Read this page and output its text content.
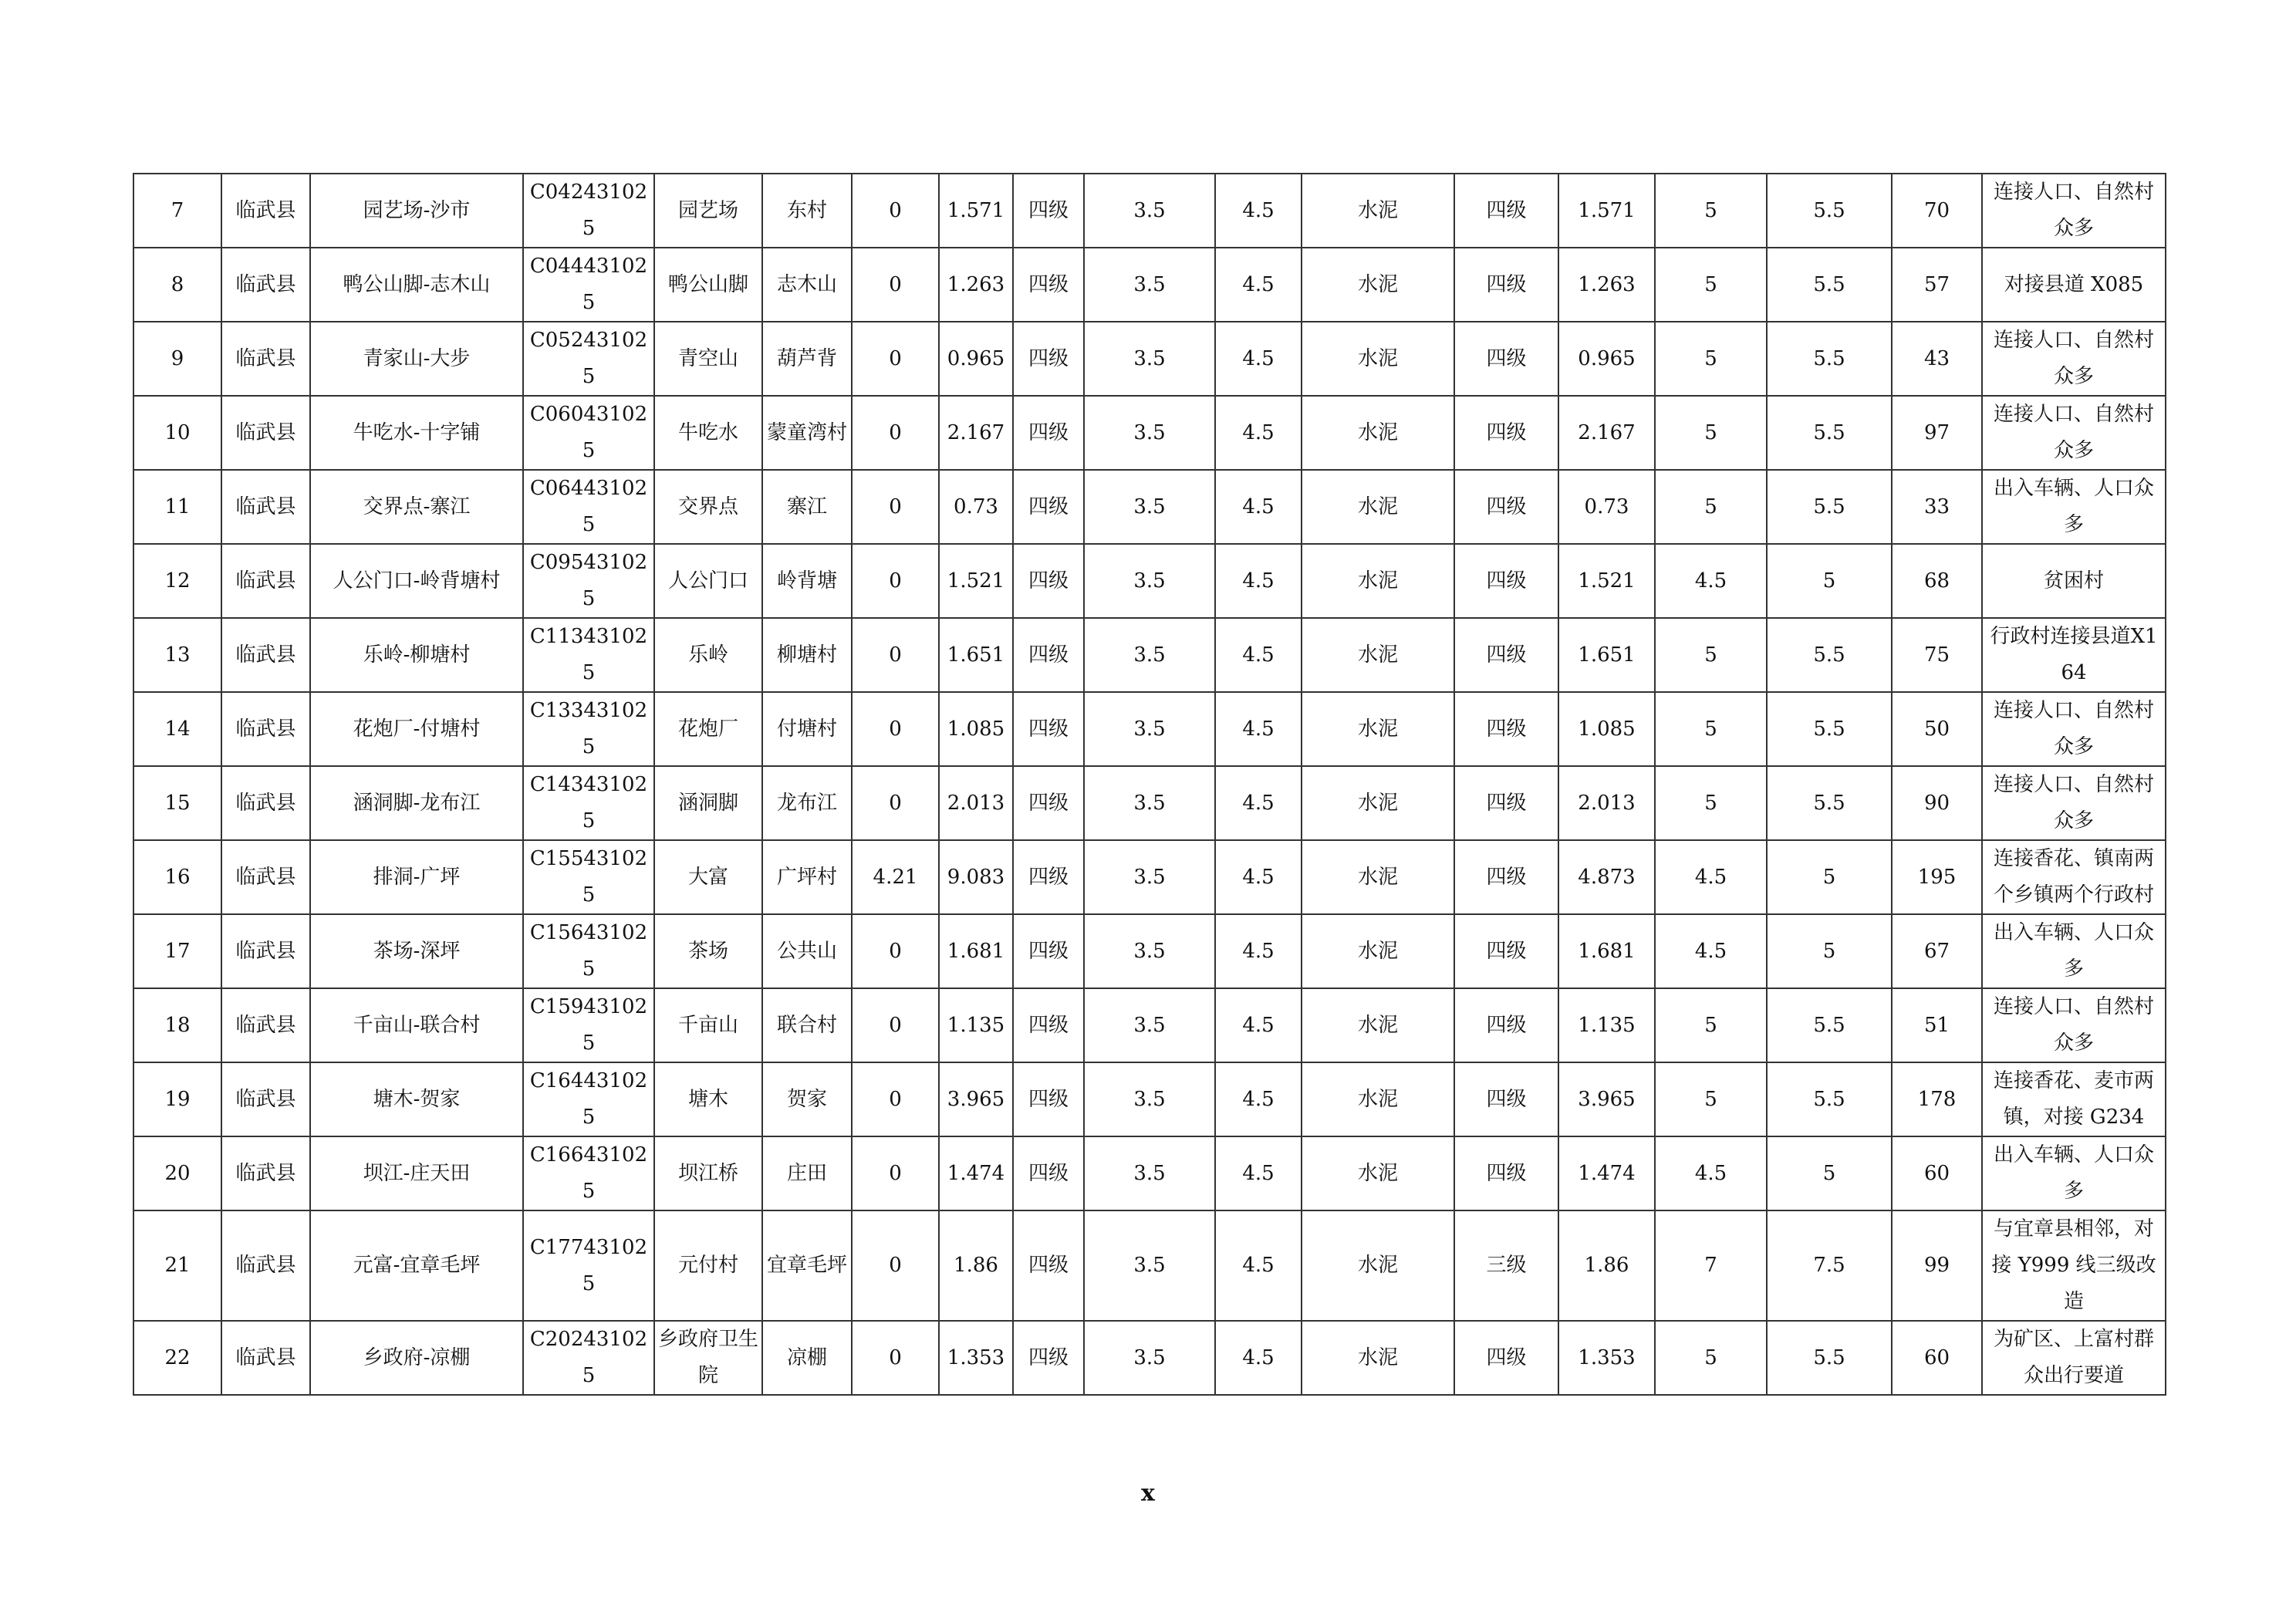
7	临武县	园艺场-沙市	C042431025	园艺场	东村	0	1.571	四级	3.5	4.5	水泥	四级	1.571	5	5.5	70	连接人口、自然村众多
8	临武县	鸭公山脚-志木山	C044431025	鸭公山脚	志木山	0	1.263	四级	3.5	4.5	水泥	四级	1.263	5	5.5	57	对接县道 X085
9	临武县	青家山-大步	C052431025	青空山	葫芦背	0	0.965	四级	3.5	4.5	水泥	四级	0.965	5	5.5	43	连接人口、自然村众多
10	临武县	牛吃水-十字铺	C060431025	牛吃水	蒙童湾村	0	2.167	四级	3.5	4.5	水泥	四级	2.167	5	5.5	97	连接人口、自然村众多
11	临武县	交界点-寨江	C064431025	交界点	寨江	0	0.73	四级	3.5	4.5	水泥	四级	0.73	5	5.5	33	出入车辆、人口众多
12	临武县	人公门口-岭背塘村	C095431025	人公门口	岭背塘	0	1.521	四级	3.5	4.5	水泥	四级	1.521	4.5	5	68	贫困村
13	临武县	乐岭-柳塘村	C113431025	乐岭	柳塘村	0	1.651	四级	3.5	4.5	水泥	四级	1.651	5	5.5	75	行政村连接县道X164
14	临武县	花炮厂-付塘村	C133431025	花炮厂	付塘村	0	1.085	四级	3.5	4.5	水泥	四级	1.085	5	5.5	50	连接人口、自然村众多
15	临武县	涵洞脚-龙布江	C143431025	涵洞脚	龙布江	0	2.013	四级	3.5	4.5	水泥	四级	2.013	5	5.5	90	连接人口、自然村众多
16	临武县	排洞-广坪	C155431025	大富	广坪村	4.21	9.083	四级	3.5	4.5	水泥	四级	4.873	4.5	5	195	连接香花、镇南两个乡镇两个行政村
17	临武县	茶场-深坪	C156431025	茶场	公共山	0	1.681	四级	3.5	4.5	水泥	四级	1.681	4.5	5	67	出入车辆、人口众多
18	临武县	千亩山-联合村	C159431025	千亩山	联合村	0	1.135	四级	3.5	4.5	水泥	四级	1.135	5	5.5	51	连接人口、自然村众多
19	临武县	塘木-贺家	C164431025	塘木	贺家	0	3.965	四级	3.5	4.5	水泥	四级	3.965	5	5.5	178	连接香花、麦市两镇，对接 G234
20	临武县	坝江-庄天田	C166431025	坝江桥	庄田	0	1.474	四级	3.5	4.5	水泥	四级	1.474	4.5	5	60	出入车辆、人口众多
21	临武县	元富-宜章毛坪	C177431025	元付村	宜章毛坪	0	1.86	四级	3.5	4.5	水泥	三级	1.86	7	7.5	99	与宜章县相邻，对接 Y999 线三级改造
22	临武县	乡政府-凉棚	C202431025	乡政府卫生院	凉棚	0	1.353	四级	3.5	4.5	水泥	四级	1.353	5	5.5	60	为矿区、上富村群众出行要道
x
